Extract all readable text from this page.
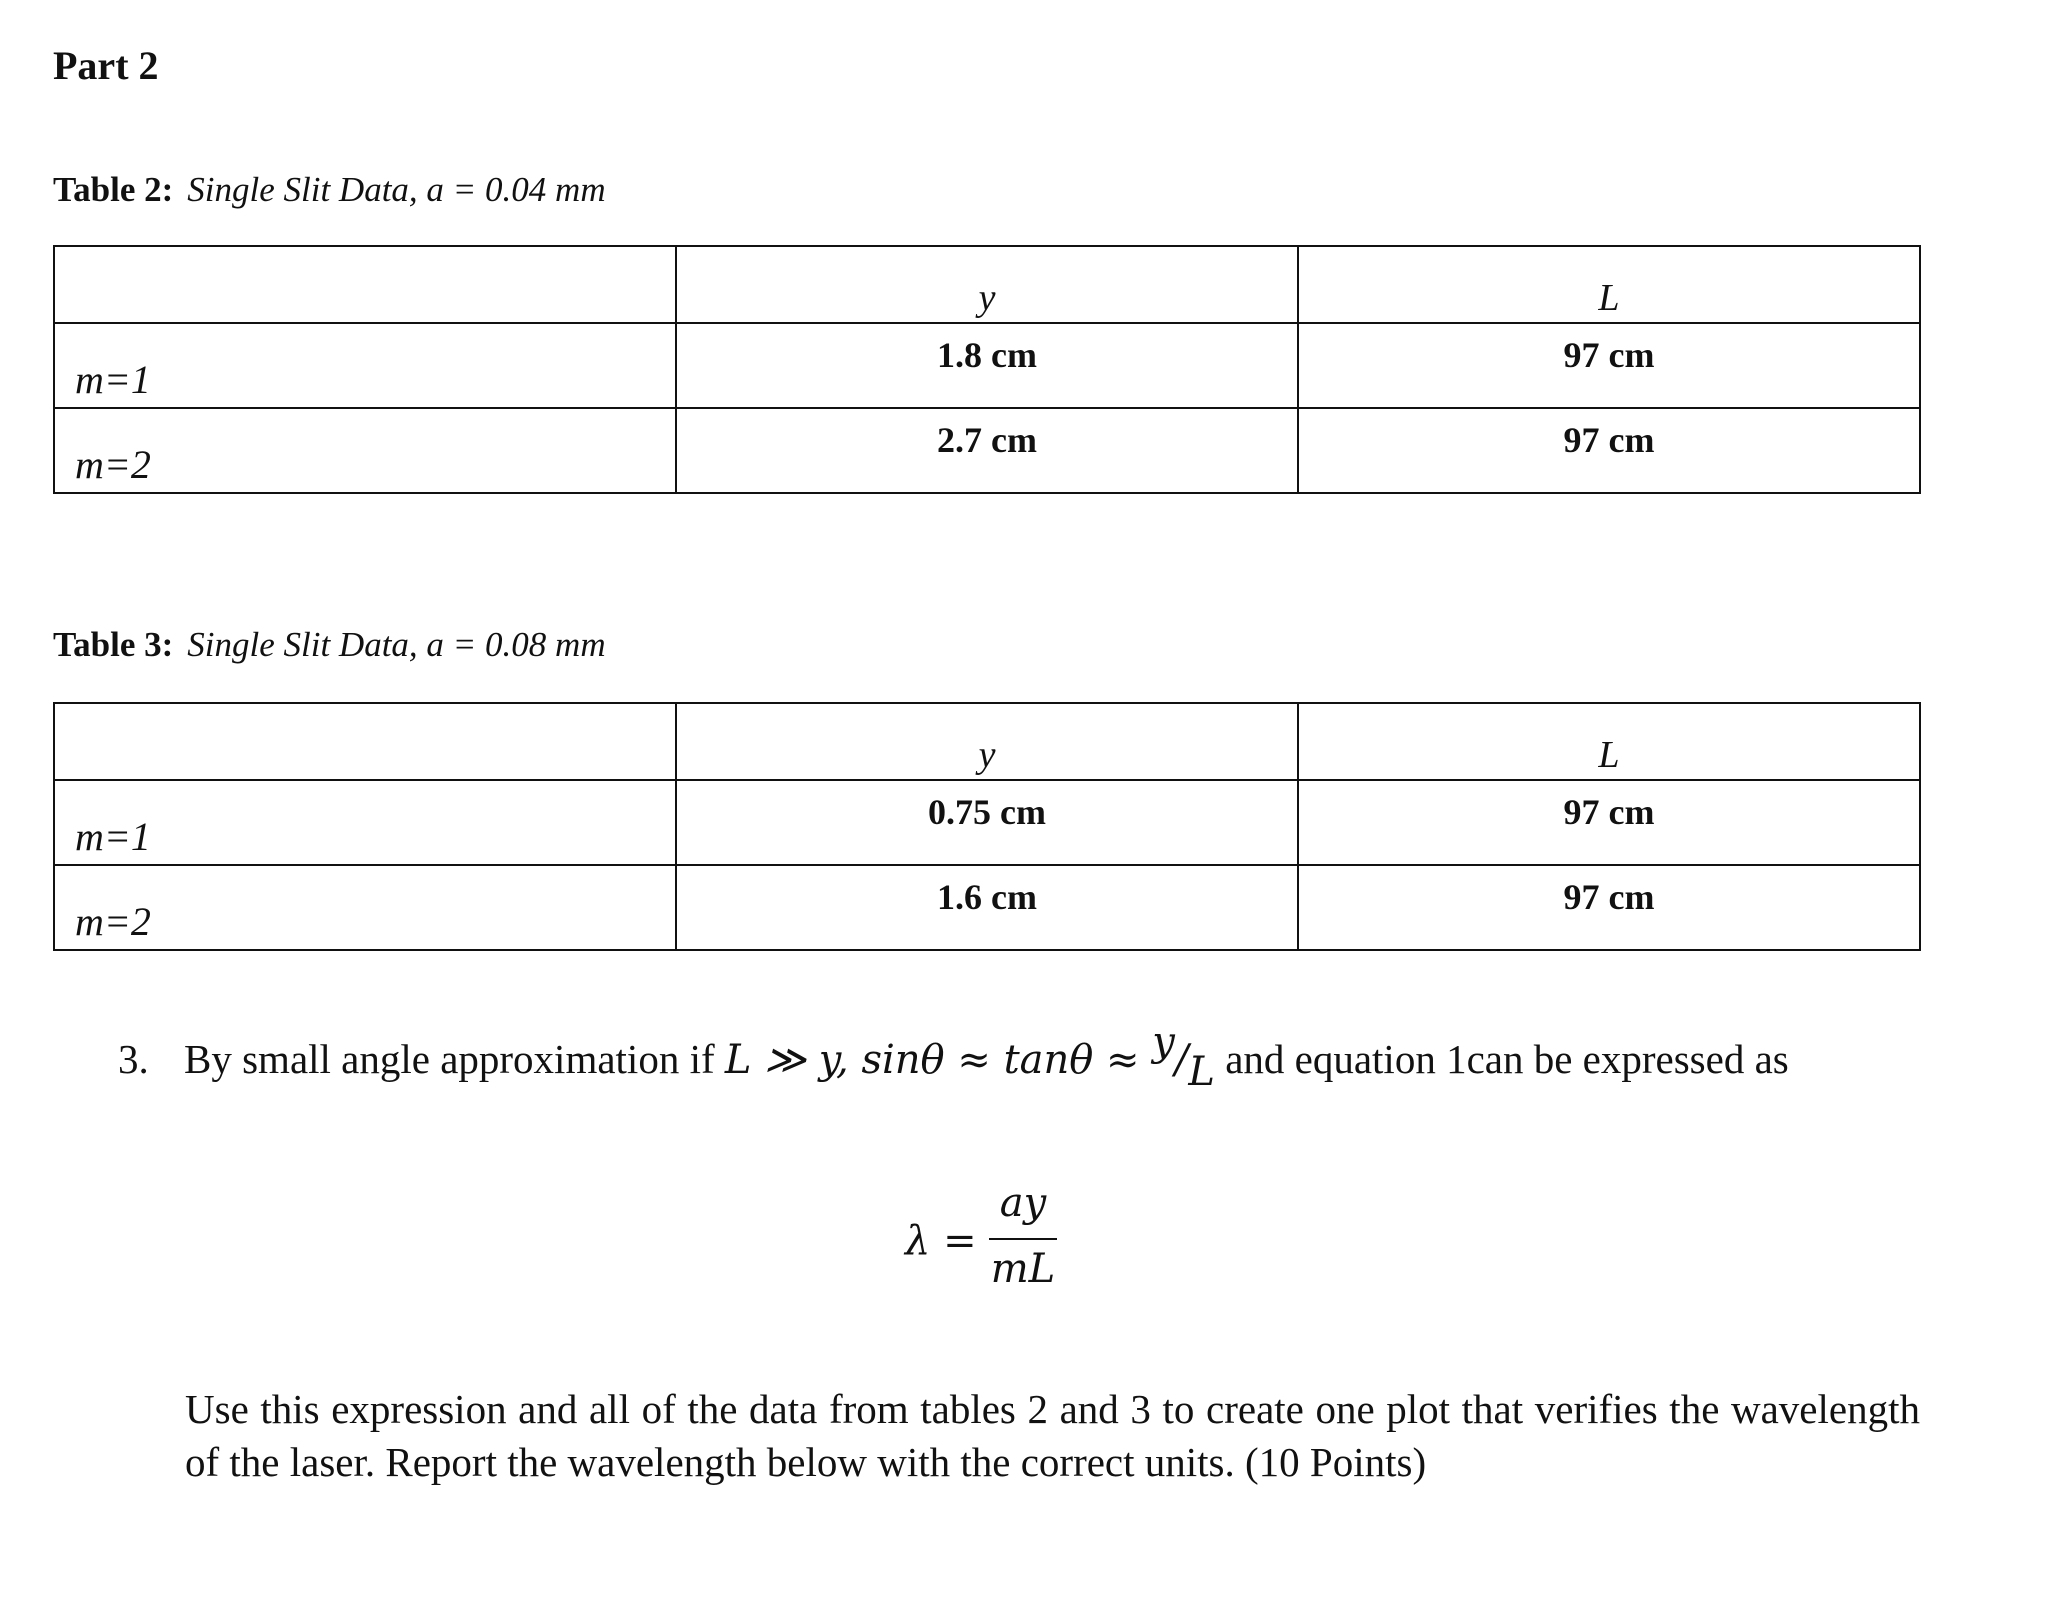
Part 2
Table 2: Single Slit Data, a = 0.04 mm
	y	L
m=1	1.8 cm	97 cm
m=2	2.7 cm	97 cm
Table 3: Single Slit Data, a = 0.08 mm
	y	L
m=1	0.75 cm	97 cm
m=2	1.6 cm	97 cm
3. By small angle approximation if L ≫ y, sinθ ≈ tanθ ≈ y/L and equation 1can be expressed as
λ =
ay
mL
Use this expression and all of the data from tables 2 and 3 to create one plot that verifies the wavelength of the laser. Report the wavelength below with the correct units. (10 Points)
